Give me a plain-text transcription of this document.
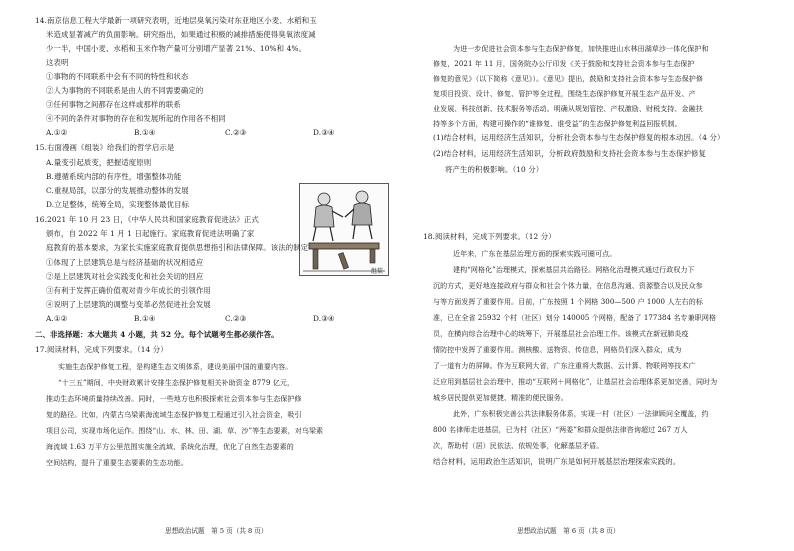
14.南京信息工程大学最新一项研究表明，近地层臭氧污染对东亚地区小麦、水稻和玉
米造成显著减产的负面影响。研究指出，如果通过积极的减排措施使得臭氧浓度减
少一半，中国小麦、水稻和玉米作物产量可分别增产显著 21%、10%和 4%。
这表明
①事物的不同联系中会有不同的特性和状态
②人为事物的不同联系是由人的不同需要确定的
③任何事物之间都存在这样或那样的联系
④不同的条件对事物的存在和发展所起的作用各不相同
A.①②	B.①④	C.②③	D.③④
15.右面漫画《组装》给我们的哲学启示是
A.量变引起质变，把握适度原则
B.遵循系统内部的有序性，增强整体功能
C.重视局部，以部分的发展推动整体的发展
D.立足整体，统筹全局，实现整体最优目标
组装
16.2021 年 10 月 23 日，《中华人民共和国家庭教育促进法》正式
颁布，自 2022 年 1 月 1 日起施行。家庭教育促进法明确了家
庭教育的基本要求，为家长实施家庭教育提供思想指引和法律保障。该法的制定
①体现了上层建筑总是与经济基础的状况相适应
②是上层建筑对社会实践变化和社会关切的回应
③有利于发挥正确价值观对青少年成长的引领作用
④说明了上层建筑的调整与变革必然促进社会发展
A.①②	B.①④	C.②③	D.③④
二、非选择题：本大题共 4 小题，共 52 分。每个试题考生都必须作答。
17.阅读材料，完成下列要求。（14 分）
实施生态保护修复工程，是构建生态文明体系，建设美丽中国的重要内容。
“十三五”期间，中央财政累计安排生态保护修复相关补助资金 8779 亿元，
推动生态环境质量持续改善。同时，一些地方也积极探索社会资本参与生态保护修
复的路径。比如，内蒙古乌梁素海流域生态保护修复工程通过引入社会资金，吸引
项目公司，实现市场化运作。围绕“山、水、林、田、湖、草、沙”等生态要素，对乌梁素
海流域 1.63 万平方公里范围实施全流域、系统化治理，优化了自然生态要素的
空间结构，提升了重要生态要素的生态功能。
思想政治试题　第 5 页（共 8 页）
为进一步促进社会资本参与生态保护修复，加快推进山水林田湖草沙一体化保护和
修复，2021 年 11 月，国务院办公厅印发《关于鼓励和支持社会资本参与生态保护
修复的意见》（以下简称《意见》）。《意见》提出，鼓励和支持社会资本参与生态保护修
复项目投资、设计、修复、管护等全过程，围绕生态保护修复开展生态产品开发、产
业发展、科技创新、技术服务等活动。明确从规划管控、产权激励、财税支持、金融扶
持等多个方面，构建可操作的“谁修复、谁受益”的生态保护修复利益回报机制。
(1)结合材料，运用经济生活知识，分析社会资本参与生态保护修复的根本动因。（4 分）
(2)结合材料，运用经济生活知识，分析政府鼓励和支持社会资本参与生态保护修复
将产生的积极影响。（10 分）
18.阅读材料，完成下列要求。（12 分）
近年来，广东在基层治理方面的探索实践可圈可点。
建构“网格化”治理模式，探索基层共治路径。网格化治理模式通过行政权力下
沉的方式，更好地连接政府与群众和社会个体力量，在信息沟通、资源整合以及民众参
与等方面发挥了重要作用。目前，广东按照 1 个网格 300—500 户 1000 人左右的标
准，已在全省 25932 个村（社区）划分 140005 个网格，配备了 177384 名专兼职网格
员，在横向综合治理中心的统筹下，开展基层社会治理工作。该模式在新冠肺炎疫
情防控中发挥了重要作用。测核酸、送物资、传信息，网格员们深入群众，成为
了一道有力的屏障。作为互联网大省，广东注重将大数据、云计算、物联网等技术广
泛应用到基层社会治理中，推动“互联网＋网格化”，让基层社会治理体系更加完善，同时为
城乡居民提供更加便捷、精准的便民服务。
此外，广东积极完善公共法律服务体系，实现一村（社区）一法律顾问全覆盖，约
800 名律师走进基层，已为村（社区）“两委”和群众提供法律咨询超过 267 万人
次，帮助村（居）民依法、依规处事，化解基层矛盾。
结合材料，运用政治生活知识，说明广东是如何开展基层治理探索实践的。
思想政治试题　第 6 页（共 8 页）
